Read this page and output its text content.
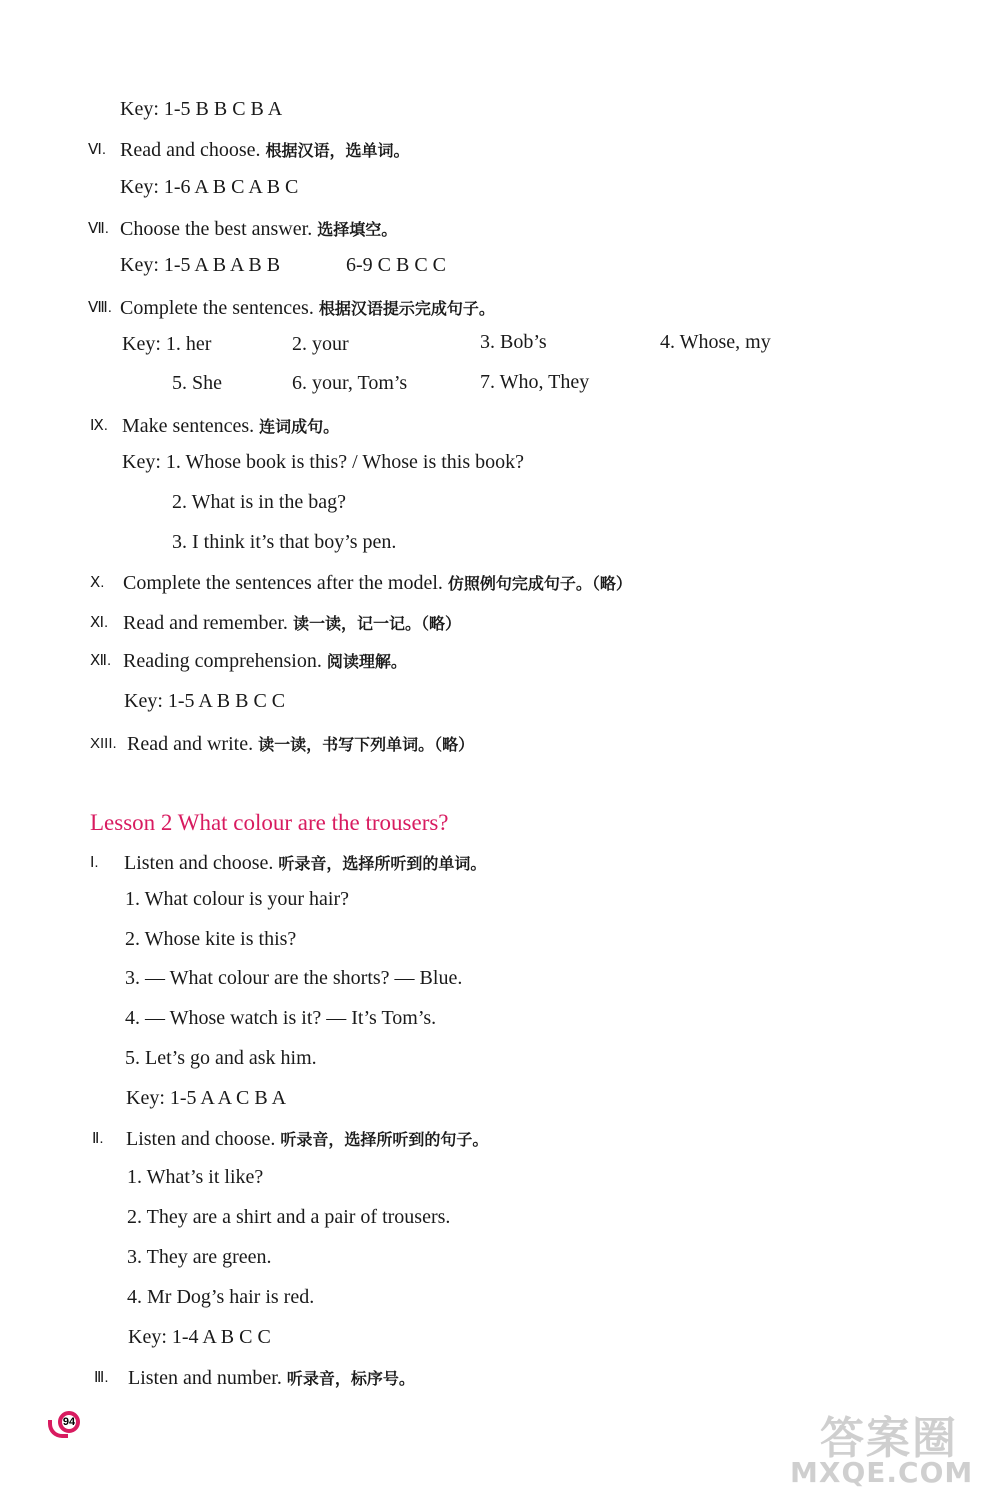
Key: 1-5 B B C B A
Ⅵ. Read and choose. 根据汉语，选单词。
Key: 1-6 A B C A B C
Ⅶ. Choose the best answer. 选择填空。
Key: 1-5 A B A B B	6-9 C B C C
Ⅷ. Complete the sentences. 根据汉语提示完成句子。
Key: 1. her	2. your	3. Bob’s	4. Whose, my
5. She	6. your, Tom’s	7. Who, They
Ⅸ. Make sentences. 连词成句。
Key: 1. Whose book is this? / Whose is this book?
2. What is in the bag?
3. I think it’s that boy’s pen.
Ⅹ. Complete the sentences after the model. 仿照例句完成句子。（略）
Ⅺ. Read and remember. 读一读，记一记。（略）
Ⅻ. Reading comprehension. 阅读理解。
Key: 1-5 A B B C C
XIII. Read and write. 读一读，书写下列单词。（略）
Lesson 2 What colour are the trousers?
Ⅰ. Listen and choose. 听录音，选择所听到的单词。
1. What colour is your hair?
2. Whose kite is this?
3. — What colour are the shorts? — Blue.
4. — Whose watch is it? — It’s Tom’s.
5. Let’s go and ask him.
Key: 1-5 A A C B A
Ⅱ. Listen and choose. 听录音，选择所听到的句子。
1. What’s it like?
2. They are a shirt and a pair of trousers.
3. They are green.
4. Mr Dog’s hair is red.
Key: 1-4 A B C C
Ⅲ. Listen and number. 听录音，标序号。
94	答案圈
MXQE.COM
